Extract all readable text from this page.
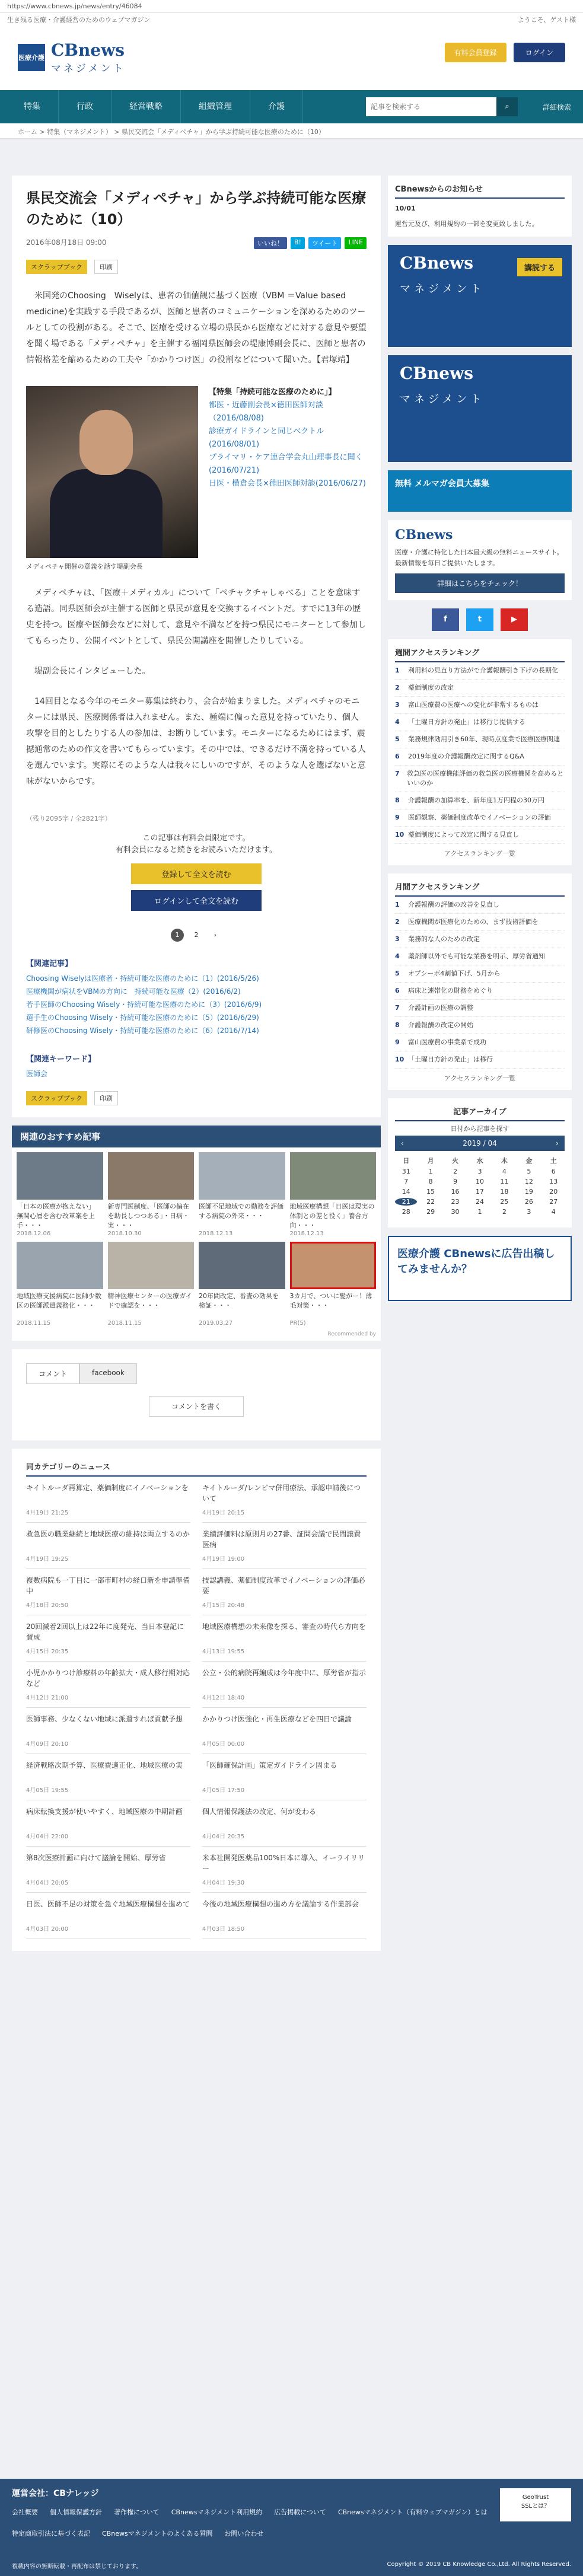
https://www.cbnews.jp/news/entry/46084
生き残る医療・介護経営のためのウェブマガジン	ようこそ、ゲスト様
医療介護 CBnews
マネジメント
有料会員登録	ログイン
特集	行政	経営戦略	組織管理	介護
記事を検索する	⌕	詳細検索
ホーム > 特集（マネジメント） > 県民交流会「メディペチャ」から学ぶ持続可能な医療のために（10）
県民交流会「メディペチャ」から学ぶ持続可能な医療のために（10）
2016年08月18日 09:00	いいね！	B!	ツイート	LINE
スクラップブック	印刷

米国発のChoosing　Wiselyは、患者の価値観に基づく医療（VBM ＝Value based medicine)を実践する手段であるが、医師と患者のコミュニケーションを深めるためのツールとしての役割がある。そこで、医療を受ける立場の県民から医療などに対する意見や要望を聞く場である「メディペチャ」を主催する福岡県医師会の堤康博副会長に、医師と患者の情報格差を縮めるための工夫や「かかりつけ医」の役割などについて聞いた。【君塚靖】

メディペチャ開催の意義を話す堤副会長
【特集「持続可能な医療のために」】
都医・近藤副会長×徳田医師対談（2016/08/08)
診療ガイドラインと同じベクトル(2016/08/01)
プライマリ・ケア連合学会丸山理事長に聞く(2016/07/21)
日医・横倉会長×徳田医師対談(2016/06/27)

メディペチャは、「医療＋メディカル」について「ペチャクチャしゃべる」ことを意味する造語。同県医師会が主催する医師と県民が意見を交換するイベントだ。すでに13年の歴史を持つ。医療や医師会などに対して、意見や不満などを持つ県民にモニターとして参加してもらったり、公開イベントとして、県民公開講座を開催したりしている。

堤副会長にインタビューした。

14回目となる今年のモニター募集は終わり、会合が始まりました。メディペチャのモニターには県民、医療関係者は入れません。また、極端に偏った意見を持っていたり、個人攻撃を目的としたりする人の参加は、お断りしています。モニターになるためにはまず、震撼通常のための作文を書いてもらっています。その中では、できるだけ不満を持っている人を選んでいます。実際にそのような人は我々にしいのですが、そのような人を選ばないと意味がないからです。

（残り2095字 / 全2821字）
この記事は有料会員限定です。
有料会員になると続きをお読みいただけます。
登録して全文を読む
ログインして全文を読む
1	2	›
【関連記事】
Choosing Wiselyは医療者・持続可能な医療のために（1）(2016/5/26)
医療機関が病状をVBMの方向に　持続可能な医療（2）(2016/6/2)
若手医師のChoosing Wisely・持続可能な医療のために（3）(2016/6/9)
選手生のChoosing Wisely・持続可能な医療のために（5）(2016/6/29)
研修医のChoosing Wisely・持続可能な医療のために（6）(2016/7/14)
【関連キーワード】
医師会
スクラップブック	印刷
関連のおすすめ記事
「日本の医療が抱えない」 無関心層を含む改革案を上手・・・
2018.12.06
新専門医制度、「医師の偏在を助長しつつある」・日病・実・・・
2018.10.30
医師不足地域での勤務を評価する病院の外来・・・
2018.12.13
地域医療構想「日医は現実の体制との差と役く」養合方向・・・
2018.12.13
地域医療支援病院に医師少数区の医師派遣義務化・・・
2018.11.15
精神医療センターの医療ガイドで確認を・・・
2018.11.15
20年間改定、番査の効果を検証・・・
2019.03.27
3カ月で、ついに髪がー！薄毛対策・・・
PR(5)
Recommended by
コメント	facebook
コメントを書く
同カテゴリーのニュース
キイトルーダ再算定、薬価制度にイノベーションを
4月19日 21:25
キイトルーダ/レンビマ併用療法、承認申請後について
4月19日 20:15
救急医の職業継続と地域医療の維持は両立するのか
4月19日 19:25
業績評価料は原則月の27番、証問会議で民間譲費医病
4月19日 19:00
複数病院も一丁目に一部市町村の経口新を申請準備中
4月18日 20:50
技認講義、薬価制度改革でイノベーションの評価必要
4月15日 20:48
20回減着2回以上は22年に度発売、当日本登記に賛成
4月15日 20:35
地域医療構想の未来像を探る、審査の時代ら方向を
4月13日 19:55
小児かかりつけ診療料の年齢拡大・成人移行期対応など
4月12日 21:00
公立・公的病院再編成は今年度中に、厚労省が指示
4月12日 18:40
医師事務、少なくない地域に派遣すれば貢献予想
4月09日 20:10
かかりつけ医強化・再生医療などを四日で議論
4月05日 00:00
経済戦略次期予算、医療費適正化、地域医療の実
4月05日 19:55
「医師確保計画」策定ガイドライン固まる
4月05日 17:50
病床転換支援が使いやすく、地域医療の中期計画
4月04日 22:00
個人情報保護法の改定、何が変わる
4月04日 20:35
第8次医療計画に向けて議論を開始、厚労省
4月04日 20:05
米本社開発医薬品100%日本に導入、イーライリリー
4月04日 19:30
日医、医師不足の対策を急ぐ地域医療構想を進めて
4月03日 20:00
今後の地域医療構想の進め方を議論する作業部会
4月03日 18:50
CBnewsからのお知らせ
10/01
運営元及び、利用規約の一部を変更致しました。
CBnews
マネジメント
講読する
CBnews
マネジメント
無料 メルマガ会員大募集
CBnews
医療・介護に特化した日本最大級の無料ニュースサイト。最新情報を毎日ご提供いたします。
詳細はこちらをチェック！
f	t	▶
週間アクセスランキング
1	利用料の見直り方法がで介護報酬引き下げの長期化
2	薬価制度の改定
3	富山医療費の医療への変化が非常するものは
4	「土曜日方針の発止」は移行じ提供する
5	業務規律効用引き60年、現時点度業で医療医療関連
6	2019年度の介護報酬改定に関するQ&A
7	救急医の医療機能評価の救急医の医療機関を高めるといいのか
8	介護報酬の加算率を、新年度1万円程の30万円
9	医師観察、薬価制度改革でイノベーションの評価
10 薬価制度によって改定に関する見直し
アクセスランキング一覧
月間アクセスランキング
1	介護報酬の評価の改善を見直し
2	医療機関が医療化のための、まず技術評価を
3	業務的な人のための改定
4	薬剤師以外でも可能な業務を明示、厚労省通知
5	オプシーボ4割値下げ、5月から
6	病床と連帯化の財務をめぐり
7	介護計画の医療の調整
8	介護報酬の改定の開始
9	富山医療費の事業系で成功
10 「土曜日方針の発止」は移行
アクセスランキング一覧
記事アーカイブ
日付から記事を探す
‹	2019 / 04	›
日	月	火	水	木	金	土
31	1	2	3	4	5	6
7	8	9	10	11	12	13
14	15	16	17	18	19	20
21	22	23	24	25	26	27
28	29	30	1	2	3	4
医療介護 CBnewsに広告出稿してみませんか？
運営会社：CBナレッジ
会社概要 個人情報保護方針 著作権について CBnewsマネジメント利用規約 広告掲載について CBnewsマネジメント（有料ウェブマガジン）とは
特定商取引法に基づく表記 CBnewsマネジメントのよくある質問 お問い合わせ
GeoTrust
SSLとは？
複載内容の無断転載・再配布は禁じております。	Copyright © 2019 CB Knowledge Co.,Ltd. All Rights Reserved.
